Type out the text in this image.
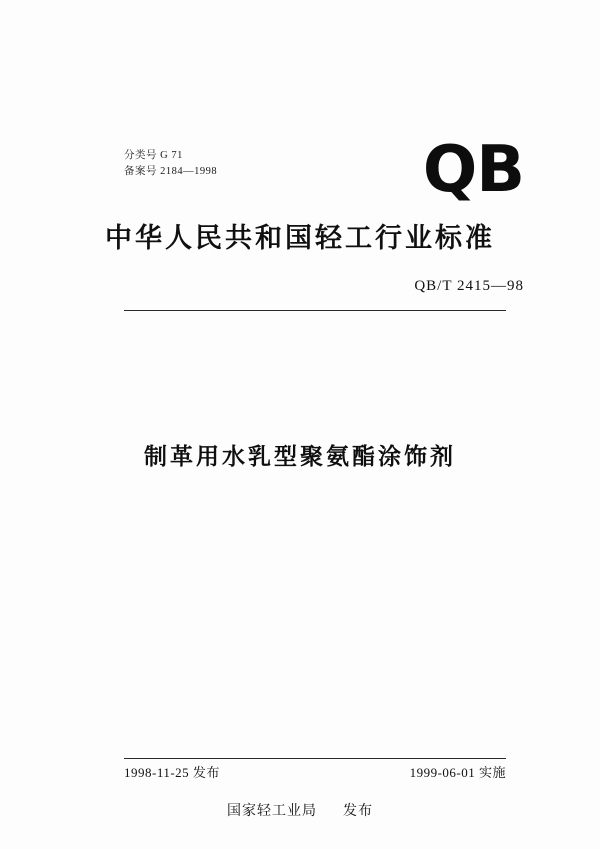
分类号 G 71
备案号 2184—1998	QB
中华人民共和国轻工行业标准
QB/T 2415—98
制革用水乳型聚氨酯涂饰剂
1998-11-25 发布	1999-06-01 实施
国家轻工业局 发布
